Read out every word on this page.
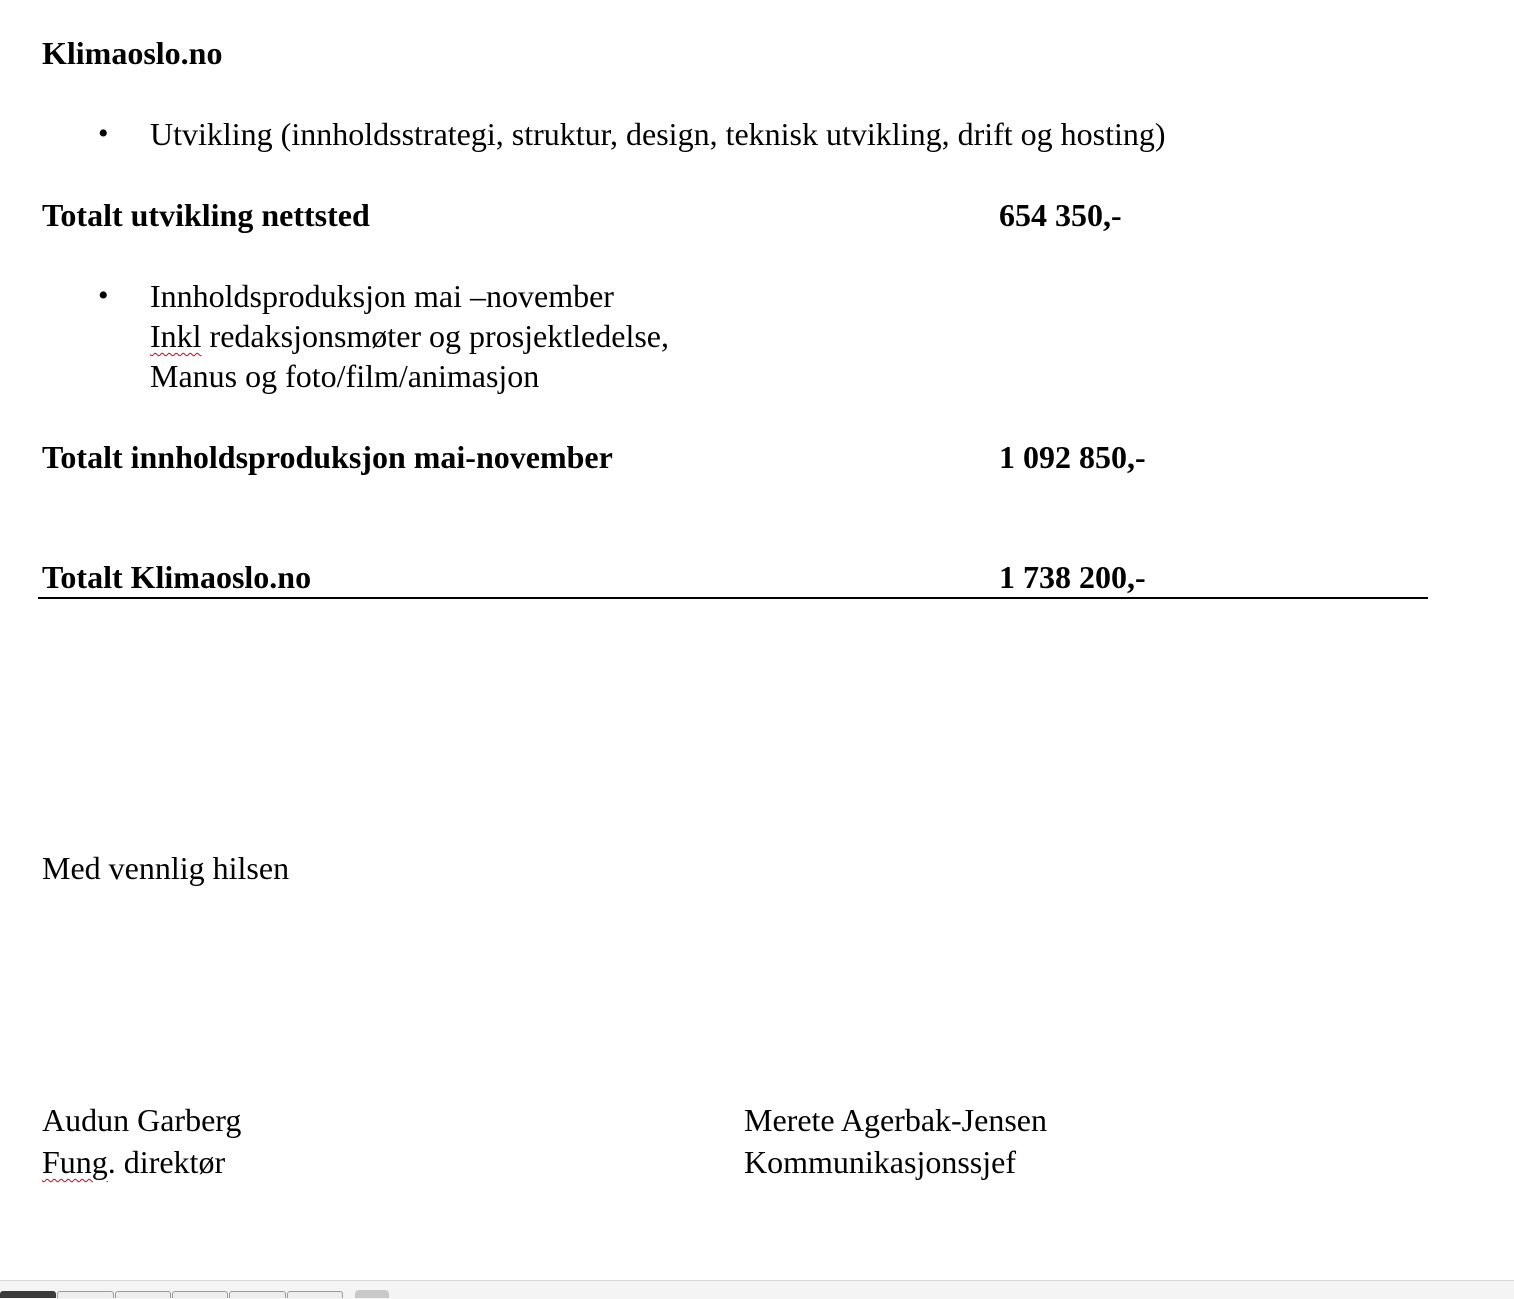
Klimaoslo.no
• Utvikling (innholdsstrategi, struktur, design, teknisk utvikling, drift og hosting)
Totalt utvikling nettsted	654 350,-
• Innholdsproduksjon mai –november
Inkl redaksjonsmøter og prosjektledelse,
Manus og foto/film/animasjon
Totalt innholdsproduksjon mai-november	1 092 850,-
Totalt Klimaoslo.no	1 738 200,-
Med vennlig hilsen
Audun Garberg
Fung. direktør
Merete Agerbak-Jensen
Kommunikasjonssjef
